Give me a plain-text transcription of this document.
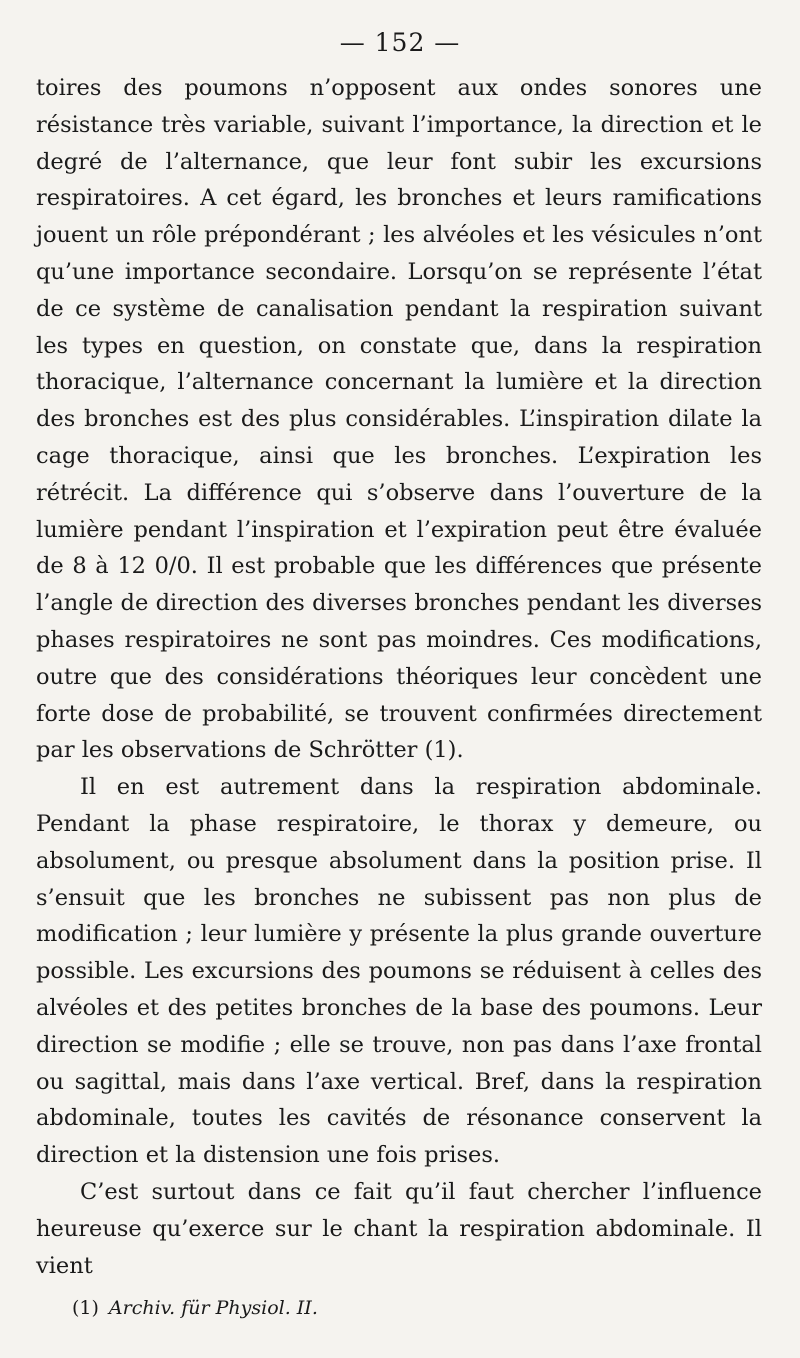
— 152 —

toires des poumons n’opposent aux ondes sonores une résistance très variable, suivant l’importance, la direction et le degré de l’alternance, que leur font subir les excursions respiratoires. A cet égard, les bronches et leurs ramifications jouent un rôle prépondérant ; les alvéoles et les vésicules n’ont qu’une importance secondaire. Lorsqu’on se représente l’état de ce système de canalisation pendant la respiration suivant les types en question, on constate que, dans la respiration thoracique, l’alternance concernant la lumière et la direction des bronches est des plus considérables. L’inspiration dilate la cage thoracique, ainsi que les bronches. L’expiration les rétrécit. La différence qui s’observe dans l’ouverture de la lumière pendant l’inspiration et l’expiration peut être évaluée de 8 à 12 0/0. Il est probable que les différences que présente l’angle de direction des diverses bronches pendant les diverses phases respiratoires ne sont pas moindres. Ces modifications, outre que des considérations théoriques leur concèdent une forte dose de probabilité, se trouvent confirmées directement par les observations de Schrötter (1).

Il en est autrement dans la respiration abdominale. Pendant la phase respiratoire, le thorax y demeure, ou absolument, ou presque absolument dans la position prise. Il s’ensuit que les bronches ne subissent pas non plus de modification ; leur lumière y présente la plus grande ouverture possible. Les excursions des poumons se réduisent à celles des alvéoles et des petites bronches de la base des poumons. Leur direction se modifie ; elle se trouve, non pas dans l’axe frontal ou sagittal, mais dans l’axe vertical. Bref, dans la respiration abdominale, toutes les cavités de résonance conservent la direction et la distension une fois prises.

C’est surtout dans ce fait qu’il faut chercher l’influence heureuse qu’exerce sur le chant la respiration abdominale. Il vient

(1) Archiv. für Physiol. II.
